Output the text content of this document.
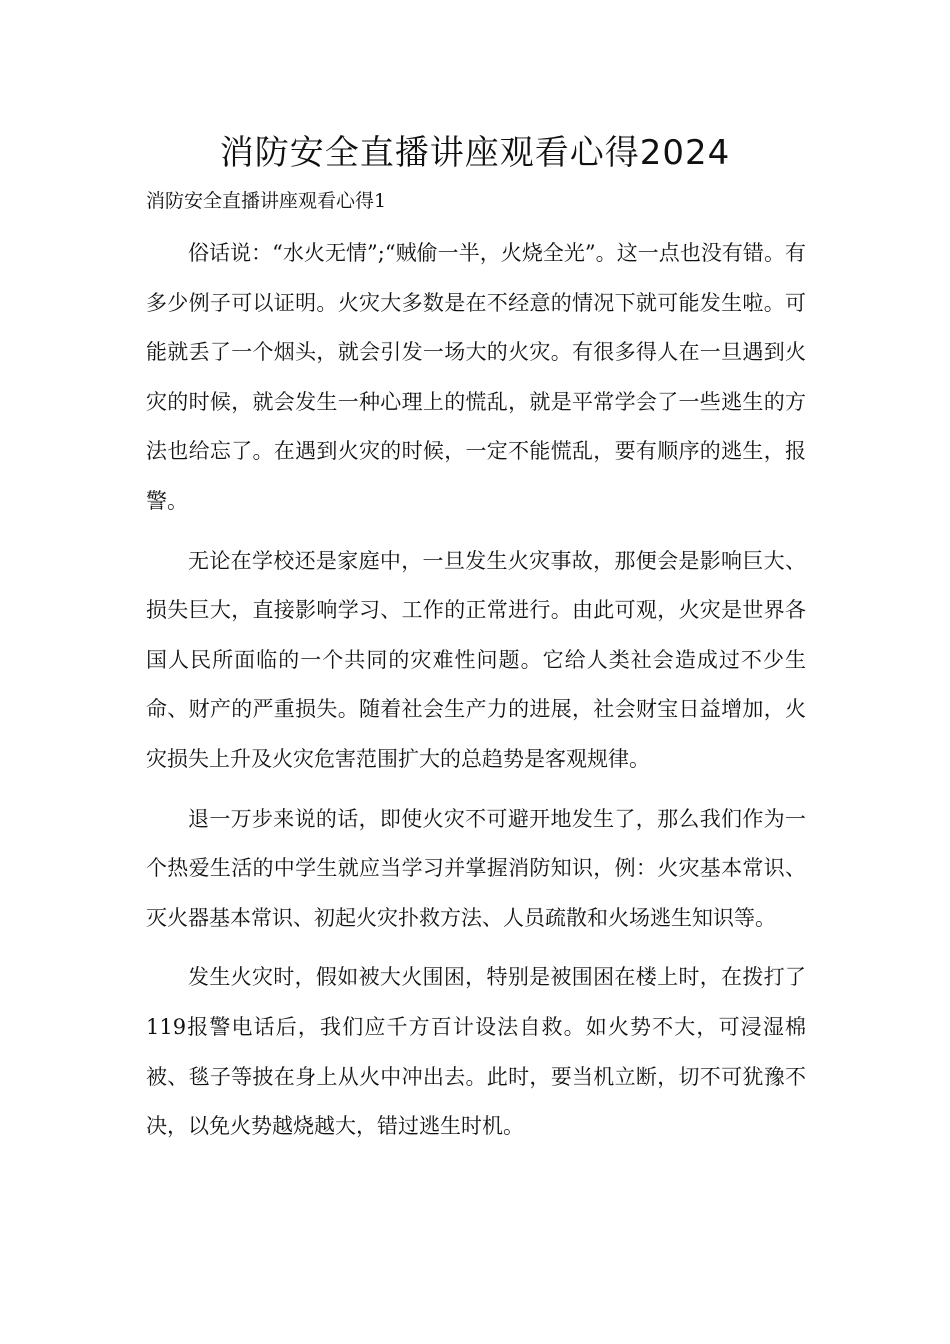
消防安全直播讲座观看心得2024

消防安全直播讲座观看心得1

俗话说：“水火无情”;“贼偷一半，火烧全光”。这一点也没有错。有多少例子可以证明。火灾大多数是在不经意的情况下就可能发生啦。可能就丢了一个烟头，就会引发一场大的火灾。有很多得人在一旦遇到火灾的时候，就会发生一种心理上的慌乱，就是平常学会了一些逃生的方法也给忘了。在遇到火灾的时候，一定不能慌乱，要有顺序的逃生，报警。

无论在学校还是家庭中，一旦发生火灾事故，那便会是影响巨大、损失巨大，直接影响学习、工作的正常进行。由此可观，火灾是世界各国人民所面临的一个共同的灾难性问题。它给人类社会造成过不少生命、财产的严重损失。随着社会生产力的进展，社会财宝日益增加，火灾损失上升及火灾危害范围扩大的总趋势是客观规律。

退一万步来说的话，即使火灾不可避开地发生了，那么我们作为一个热爱生活的中学生就应当学习并掌握消防知识，例：火灾基本常识、灭火器基本常识、初起火灾扑救方法、人员疏散和火场逃生知识等。

发生火灾时，假如被大火围困，特别是被围困在楼上时，在拨打了119报警电话后，我们应千方百计设法自救。如火势不大，可浸湿棉被、毯子等披在身上从火中冲出去。此时，要当机立断，切不可犹豫不决，以免火势越烧越大，错过逃生时机。
